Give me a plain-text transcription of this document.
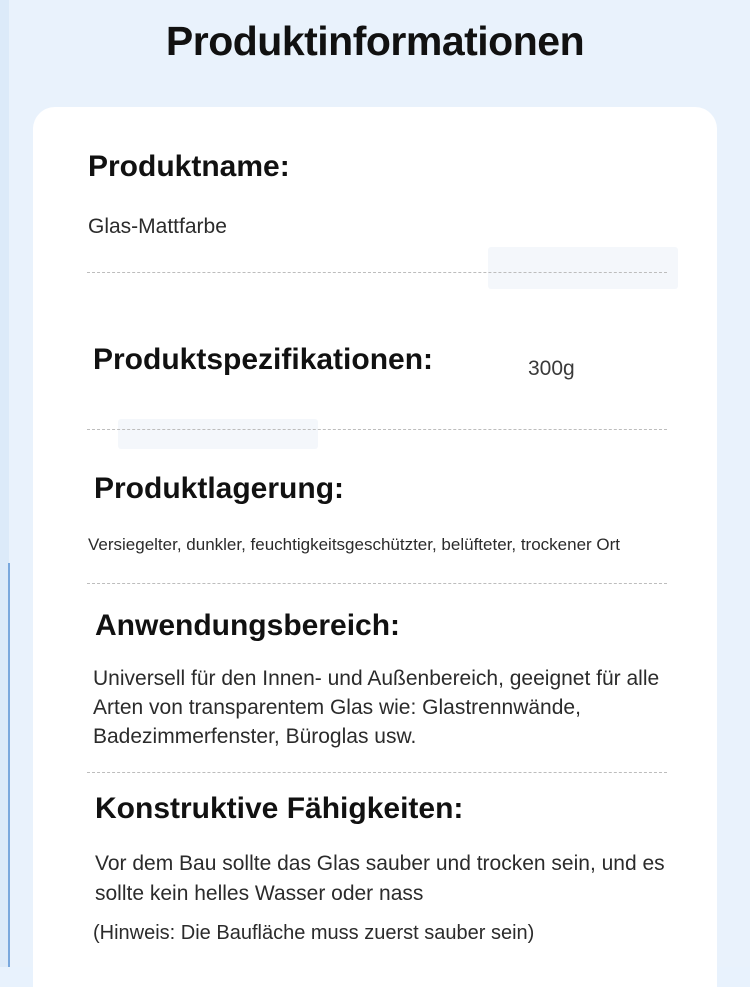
Produktinformationen
Produktname:
Glas-Mattfarbe
Produktspezifikationen:	300g
Produktlagerung:
Versiegelter, dunkler, feuchtigkeitsgeschützter, belüfteter, trockener Ort
Anwendungsbereich:
Universell für den Innen- und Außenbereich, geeignet für alle Arten von transparentem Glas wie: Glastrennwände, Badezimmerfenster, Büroglas usw.
Konstruktive Fähigkeiten:
Vor dem Bau sollte das Glas sauber und trocken sein, und es sollte kein helles Wasser oder nass
(Hinweis: Die Baufläche muss zuerst sauber sein)
